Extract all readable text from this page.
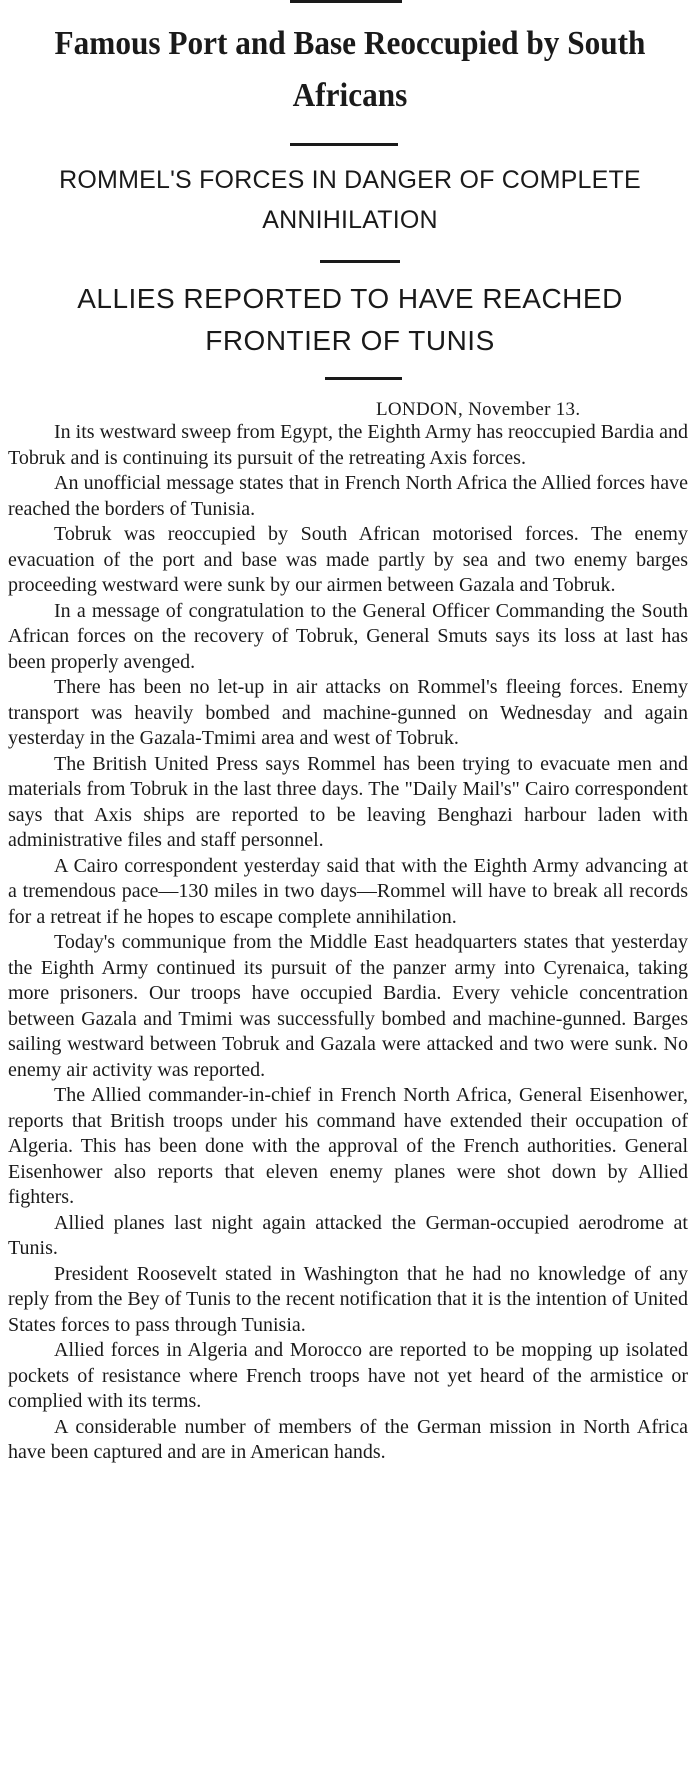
Famous Port and Base Reoccupied by South Africans
ROMMEL'S FORCES IN DANGER OF COMPLETE ANNIHILATION
ALLIES REPORTED TO HAVE REACHED FRONTIER OF TUNIS
LONDON, November 13.

In its westward sweep from Egypt, the Eighth Army has reoccupied Bardia and Tobruk and is continuing its pursuit of the retreating Axis forces.

An unofficial message states that in French North Africa the Allied forces have reached the borders of Tunisia.

Tobruk was reoccupied by South African motorised forces. The enemy evacuation of the port and base was made partly by sea and two enemy barges proceeding westward were sunk by our airmen between Gazala and Tobruk.

In a message of congratulation to the General Officer Commanding the South African forces on the recovery of Tobruk, General Smuts says its loss at last has been properly avenged.

There has been no let-up in air attacks on Rommel's fleeing forces. Enemy transport was heavily bombed and machine-gunned on Wednesday and again yesterday in the Gazala-Tmimi area and west of Tobruk.

The British United Press says Rommel has been trying to evacuate men and materials from Tobruk in the last three days. The "Daily Mail's" Cairo correspondent says that Axis ships are reported to be leaving Benghazi harbour laden with administrative files and staff personnel.

A Cairo correspondent yesterday said that with the Eighth Army advancing at a tremendous pace—130 miles in two days—Rommel will have to break all records for a retreat if he hopes to escape complete annihilation.

Today's communique from the Middle East headquarters states that yesterday the Eighth Army continued its pursuit of the panzer army into Cyrenaica, taking more prisoners. Our troops have occupied Bardia. Every vehicle concentration between Gazala and Tmimi was successfully bombed and machine-gunned. Barges sailing westward between Tobruk and Gazala were attacked and two were sunk. No enemy air activity was reported.

The Allied commander-in-chief in French North Africa, General Eisenhower, reports that British troops under his command have extended their occupation of Algeria. This has been done with the approval of the French authorities. General Eisenhower also reports that eleven enemy planes were shot down by Allied fighters.

Allied planes last night again attacked the German-occupied aerodrome at Tunis.

President Roosevelt stated in Washington that he had no knowledge of any reply from the Bey of Tunis to the recent notification that it is the intention of United States forces to pass through Tunisia.

Allied forces in Algeria and Morocco are reported to be mopping up isolated pockets of resistance where French troops have not yet heard of the armistice or complied with its terms.

A considerable number of members of the German mission in North Africa have been captured and are in American hands.
